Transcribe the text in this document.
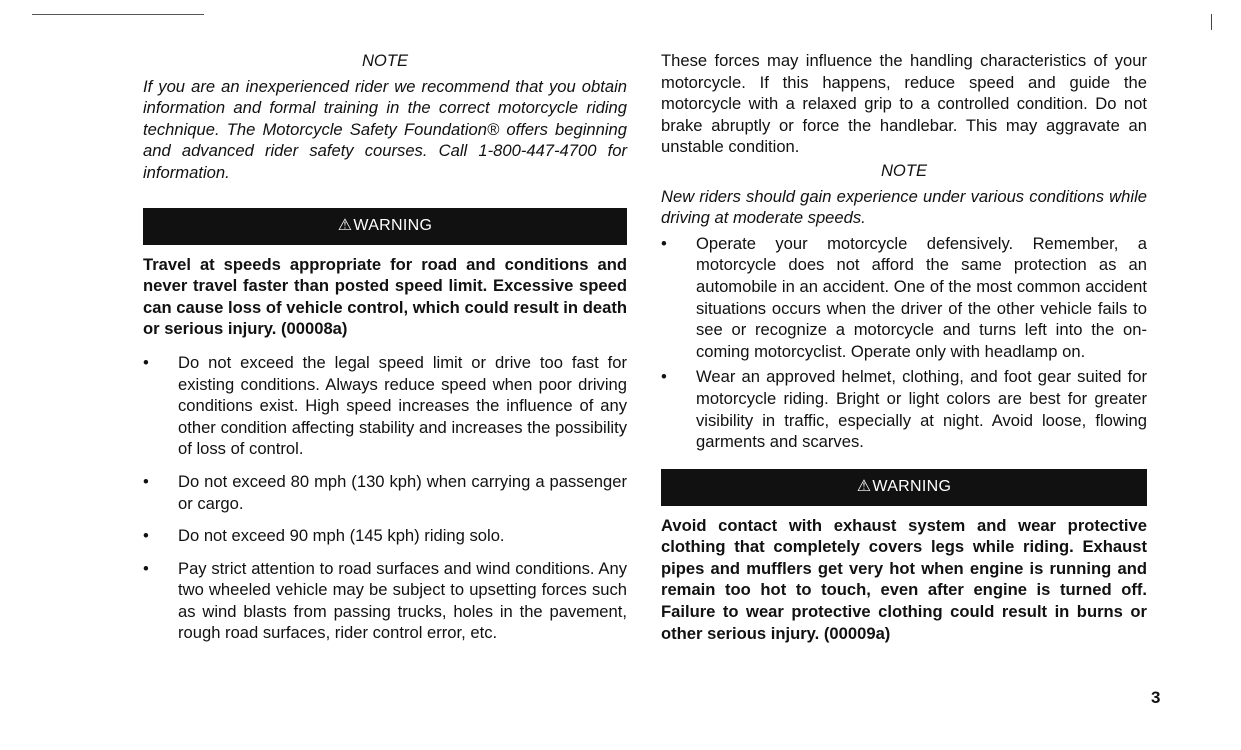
NOTE

If you are an inexperienced rider we recommend that you obtain information and formal training in the correct motorcycle riding technique. The Motorcycle Safety Foundation® offers beginning and advanced rider safety courses. Call 1-800-447-4700 for information.

⚠ WARNING

Travel at speeds appropriate for road and conditions and never travel faster than posted speed limit. Excessive speed can cause loss of vehicle control, which could result in death or serious injury. (00008a)

• Do not exceed the legal speed limit or drive too fast for existing conditions. Always reduce speed when poor driving conditions exist. High speed increases the influence of any other condition affecting stability and increases the possibility of loss of control.
• Do not exceed 80 mph (130 kph) when carrying a passenger or cargo.
• Do not exceed 90 mph (145 kph) riding solo.
• Pay strict attention to road surfaces and wind conditions. Any two wheeled vehicle may be subject to upsetting forces such as wind blasts from passing trucks, holes in the pavement, rough road surfaces, rider control error, etc.

These forces may influence the handling characteristics of your motorcycle. If this happens, reduce speed and guide the motorcycle with a relaxed grip to a controlled condition. Do not brake abruptly or force the handlebar. This may aggravate an unstable condition.

NOTE

New riders should gain experience under various conditions while driving at moderate speeds.

• Operate your motorcycle defensively. Remember, a motorcycle does not afford the same protection as an automobile in an accident. One of the most common accident situations occurs when the driver of the other vehicle fails to see or recognize a motorcycle and turns left into the on-coming motorcyclist. Operate only with headlamp on.
• Wear an approved helmet, clothing, and foot gear suited for motorcycle riding. Bright or light colors are best for greater visibility in traffic, especially at night. Avoid loose, flowing garments and scarves.
⚠ WARNING

Avoid contact with exhaust system and wear protective clothing that completely covers legs while riding. Exhaust pipes and mufflers get very hot when engine is running and remain too hot to touch, even after engine is turned off. Failure to wear protective clothing could result in burns or other serious injury. (00009a)

3
